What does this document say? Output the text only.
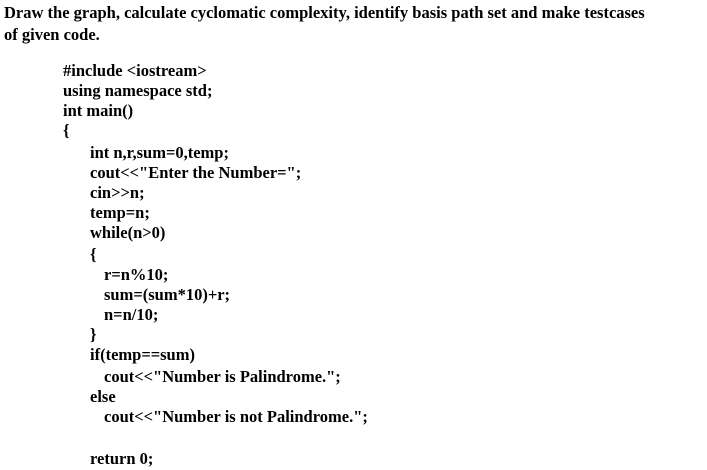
Draw the graph, calculate cyclomatic complexity, identify basis path set and make testcases
of given code.
#include <iostream>
using namespace std;
int main()
{
int n,r,sum=0,temp;
cout<<"Enter the Number=";
cin>>n;
temp=n;
while(n>0)
{
r=n%10;
sum=(sum*10)+r;
n=n/10;
}
if(temp==sum)
cout<<"Number is Palindrome.";
else
cout<<"Number is not Palindrome.";
return 0;
